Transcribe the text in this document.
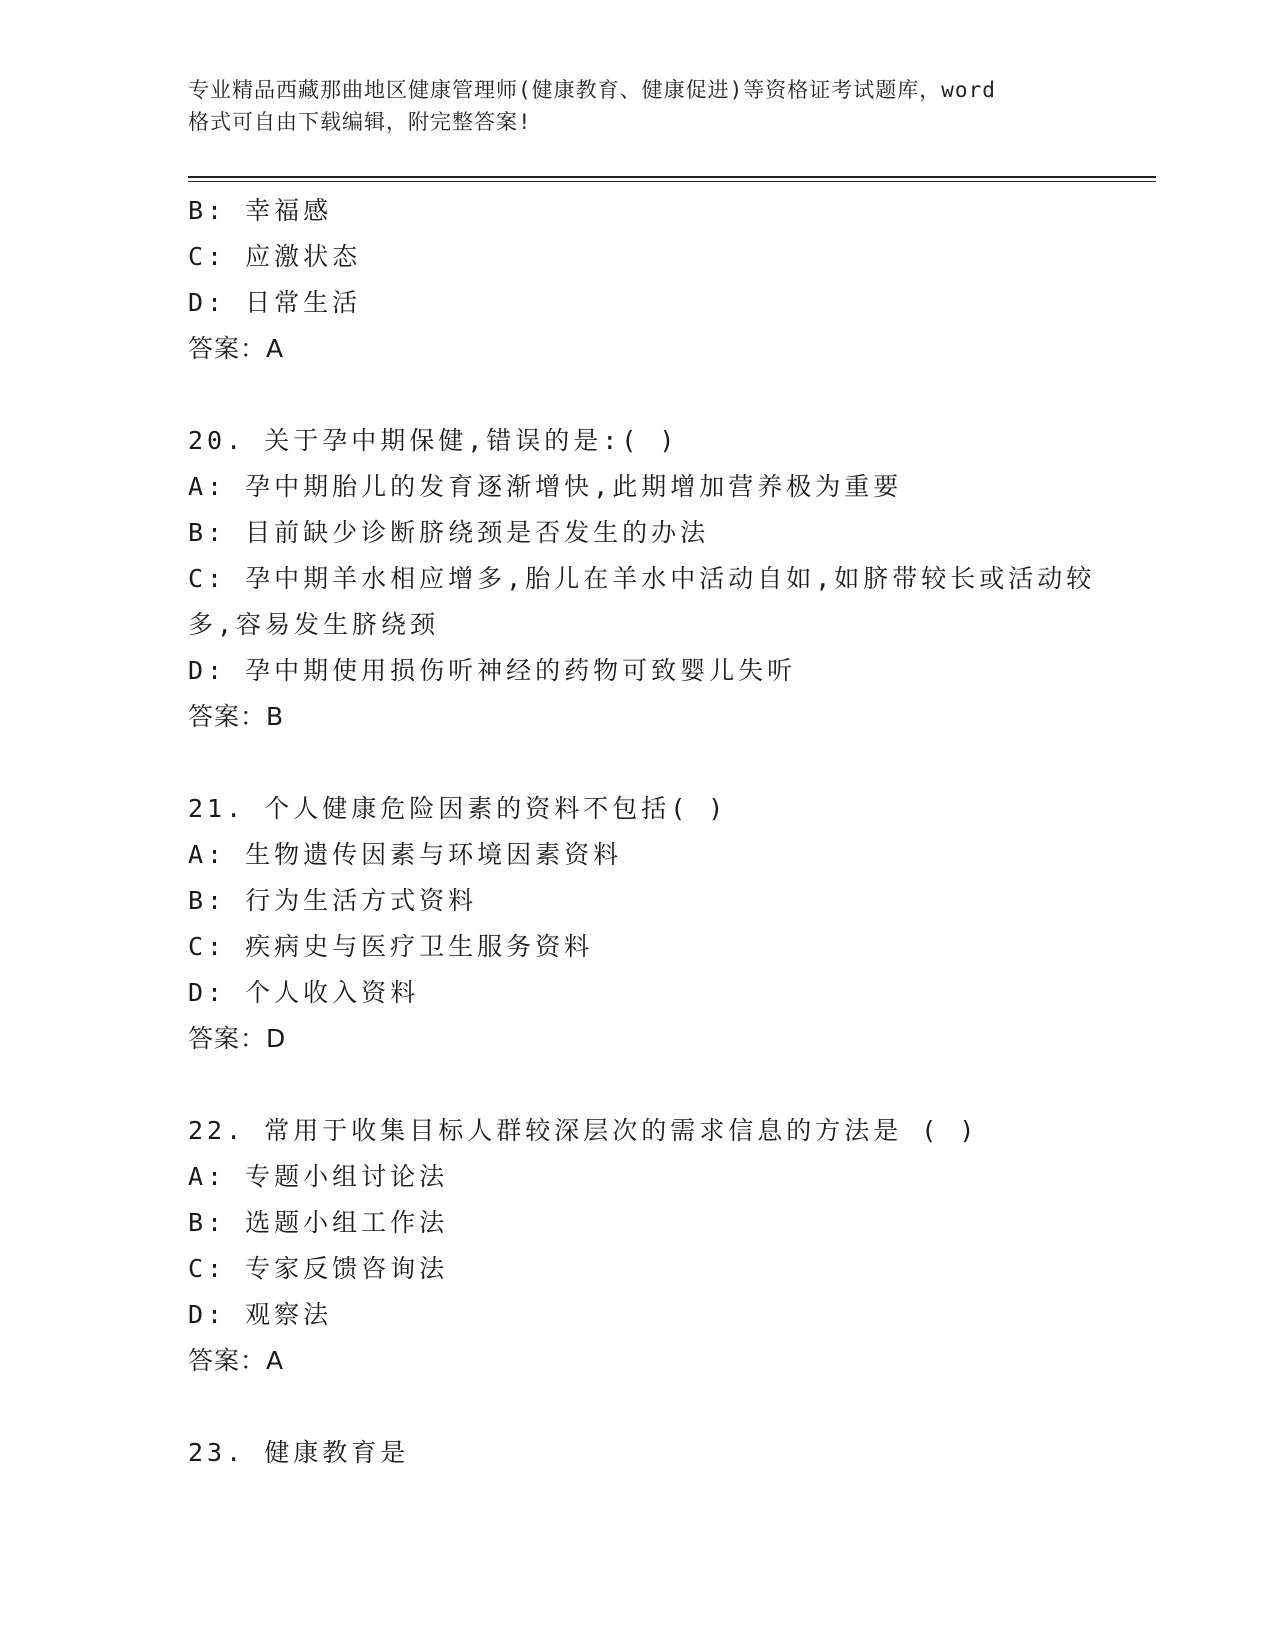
专业精品西藏那曲地区健康管理师(健康教育、健康促进)等资格证考试题库，word
格式可自由下载编辑，附完整答案!
B: 幸福感
C: 应激状态
D: 日常生活
答案：A
20. 关于孕中期保健,错误的是:( )
A: 孕中期胎儿的发育逐渐增快,此期增加营养极为重要
B: 目前缺少诊断脐绕颈是否发生的办法
C: 孕中期羊水相应增多,胎儿在羊水中活动自如,如脐带较长或活动较
多,容易发生脐绕颈
D: 孕中期使用损伤听神经的药物可致婴儿失听
答案：B
21. 个人健康危险因素的资料不包括( )
A: 生物遗传因素与环境因素资料
B: 行为生活方式资料
C: 疾病史与医疗卫生服务资料
D: 个人收入资料
答案：D
22. 常用于收集目标人群较深层次的需求信息的方法是 ( )
A: 专题小组讨论法
B: 选题小组工作法
C: 专家反馈咨询法
D: 观察法
答案：A
23. 健康教育是
